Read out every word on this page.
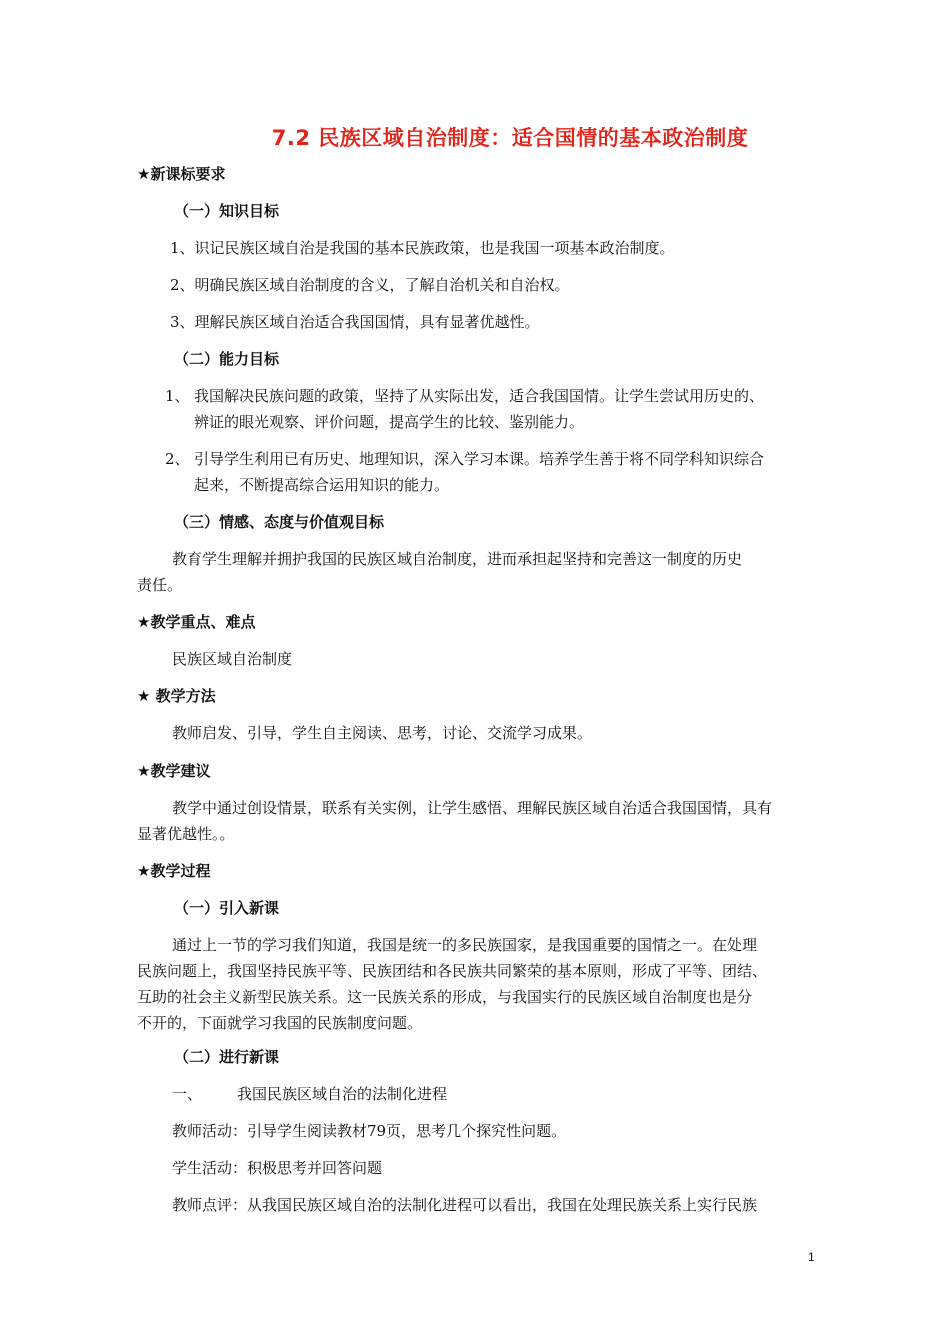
7.2 民族区域自治制度：适合国情的基本政治制度
★新课标要求
（一）知识目标
1、识记民族区域自治是我国的基本民族政策，也是我国一项基本政治制度。
2、明确民族区域自治制度的含义，了解自治机关和自治权。
3、理解民族区域自治适合我国国情，具有显著优越性。
（二）能力目标
1、 我国解决民族问题的政策，坚持了从实际出发，适合我国国情。让学生尝试用历史的、
辨证的眼光观察、评价问题，提高学生的比较、鉴别能力。
2、 引导学生利用已有历史、地理知识，深入学习本课。培养学生善于将不同学科知识综合
起来，不断提高综合运用知识的能力。
（三）情感、态度与价值观目标
教育学生理解并拥护我国的民族区域自治制度，进而承担起坚持和完善这一制度的历史
责任。
★教学重点、难点
民族区域自治制度
★ 教学方法
教师启发、引导，学生自主阅读、思考，讨论、交流学习成果。
★教学建议
教学中通过创设情景，联系有关实例，让学生感悟、理解民族区域自治适合我国国情，具有
显著优越性。。
★教学过程
（一）引入新课
通过上一节的学习我们知道，我国是统一的多民族国家，是我国重要的国情之一。在处理
民族问题上，我国坚持民族平等、民族团结和各民族共同繁荣的基本原则，形成了平等、团结、
互助的社会主义新型民族关系。这一民族关系的形成，与我国实行的民族区域自治制度也是分
不开的，下面就学习我国的民族制度问题。
（二）进行新课
一、 我国民族区域自治的法制化进程
教师活动：引导学生阅读教材79页，思考几个探究性问题。
学生活动：积极思考并回答问题
教师点评：从我国民族区域自治的法制化进程可以看出，我国在处理民族关系上实行民族
1
